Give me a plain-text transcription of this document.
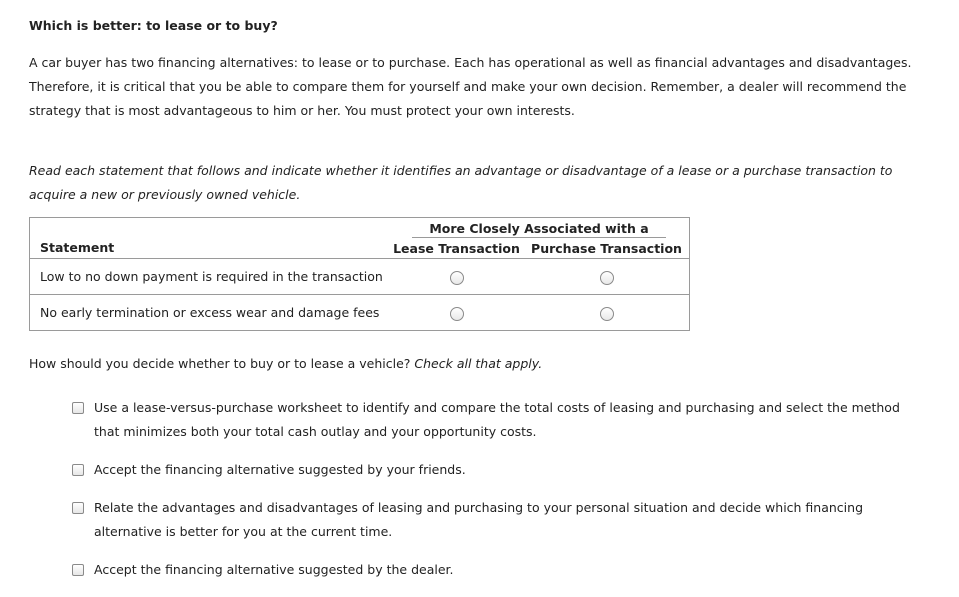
Which is better: to lease or to buy?
A car buyer has two financing alternatives: to lease or to purchase. Each has operational as well as financial advantages and disadvantages. Therefore, it is critical that you be able to compare them for yourself and make your own decision. Remember, a dealer will recommend the strategy that is most advantageous to him or her. You must protect your own interests.
Read each statement that follows and indicate whether it identifies an advantage or disadvantage of a lease or a purchase transaction to acquire a new or previously owned vehicle.
Statement	More Closely Associated with a	
	Lease Transaction	Purchase Transaction
Low to no down payment is required in the transaction		
No early termination or excess wear and damage fees		
How should you decide whether to buy or to lease a vehicle? Check all that apply.
Use a lease-versus-purchase worksheet to identify and compare the total costs of leasing and purchasing and select the method that minimizes both your total cash outlay and your opportunity costs.
Accept the financing alternative suggested by your friends.
Relate the advantages and disadvantages of leasing and purchasing to your personal situation and decide which financing alternative is better for you at the current time.
Accept the financing alternative suggested by the dealer.
